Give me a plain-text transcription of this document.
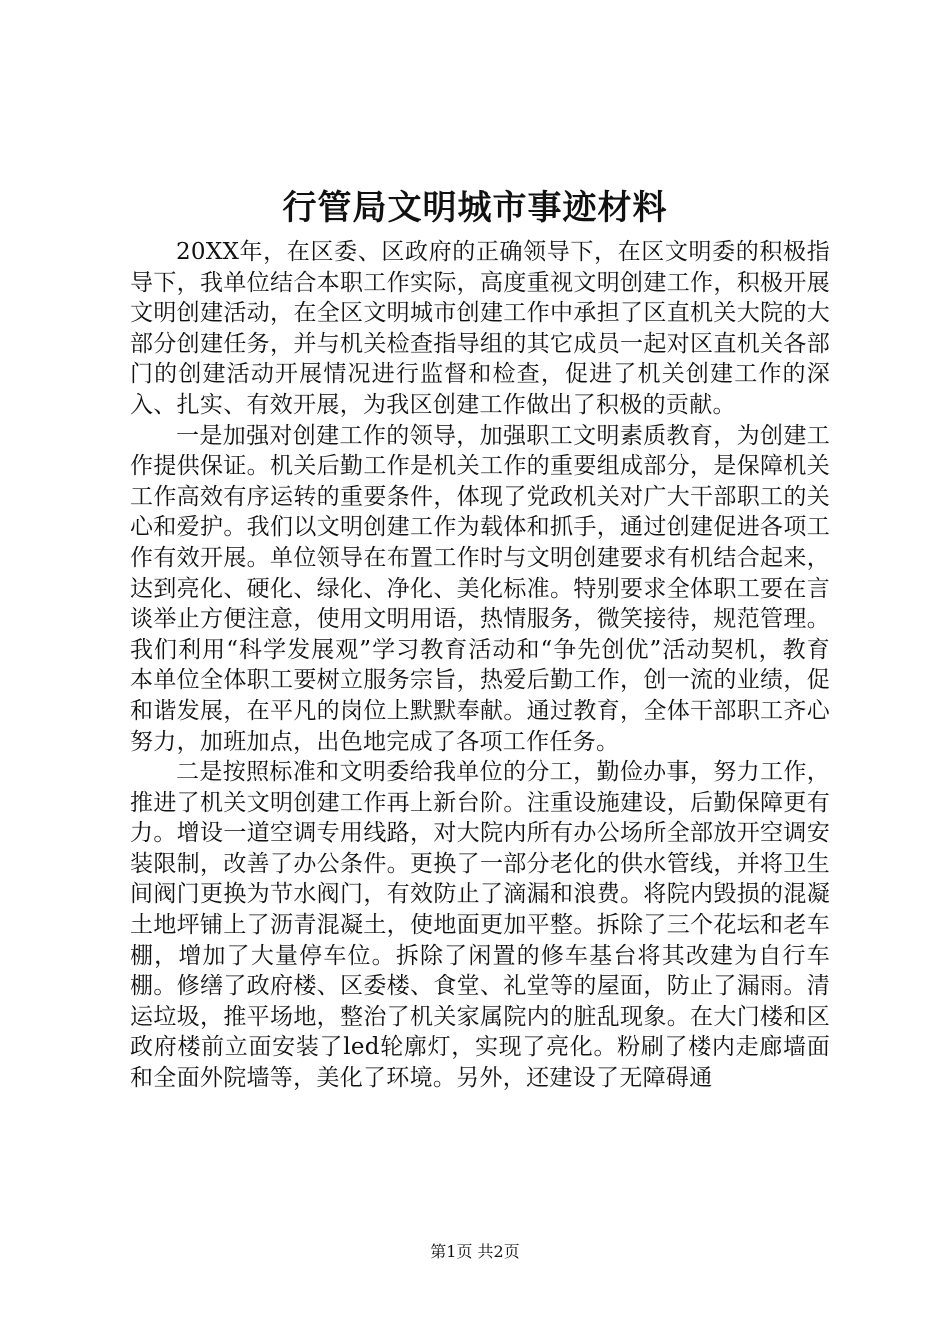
行管局文明城市事迹材料

20XX年，在区委、区政府的正确领导下，在区文明委的积极指导下，我单位结合本职工作实际，高度重视文明创建工作，积极开展文明创建活动，在全区文明城市创建工作中承担了区直机关大院的大部分创建任务，并与机关检查指导组的其它成员一起对区直机关各部门的创建活动开展情况进行监督和检查，促进了机关创建工作的深入、扎实、有效开展，为我区创建工作做出了积极的贡献。

一是加强对创建工作的领导，加强职工文明素质教育，为创建工作提供保证。机关后勤工作是机关工作的重要组成部分，是保障机关工作高效有序运转的重要条件，体现了党政机关对广大干部职工的关心和爱护。我们以文明创建工作为载体和抓手，通过创建促进各项工作有效开展。单位领导在布置工作时与文明创建要求有机结合起来，达到亮化、硬化、绿化、净化、美化标准。特别要求全体职工要在言谈举止方便注意，使用文明用语，热情服务，微笑接待，规范管理。我们利用“科学发展观”学习教育活动和“争先创优”活动契机，教育本单位全体职工要树立服务宗旨，热爱后勤工作，创一流的业绩，促和谐发展，在平凡的岗位上默默奉献。通过教育，全体干部职工齐心努力，加班加点，出色地完成了各项工作任务。

二是按照标准和文明委给我单位的分工，勤俭办事，努力工作，推进了机关文明创建工作再上新台阶。注重设施建设，后勤保障更有力。增设一道空调专用线路，对大院内所有办公场所全部放开空调安装限制，改善了办公条件。更换了一部分老化的供水管线，并将卫生间阀门更换为节水阀门，有效防止了滴漏和浪费。将院内毁损的混凝土地坪铺上了沥青混凝土，使地面更加平整。拆除了三个花坛和老车棚，增加了大量停车位。拆除了闲置的修车基台将其改建为自行车棚。修缮了政府楼、区委楼、食堂、礼堂等的屋面，防止了漏雨。清运垃圾，推平场地，整治了机关家属院内的脏乱现象。在大门楼和区政府楼前立面安装了led轮廓灯，实现了亮化。粉刷了楼内走廊墙面和全面外院墙等，美化了环境。另外，还建设了无障碍通

第1页 共2页
